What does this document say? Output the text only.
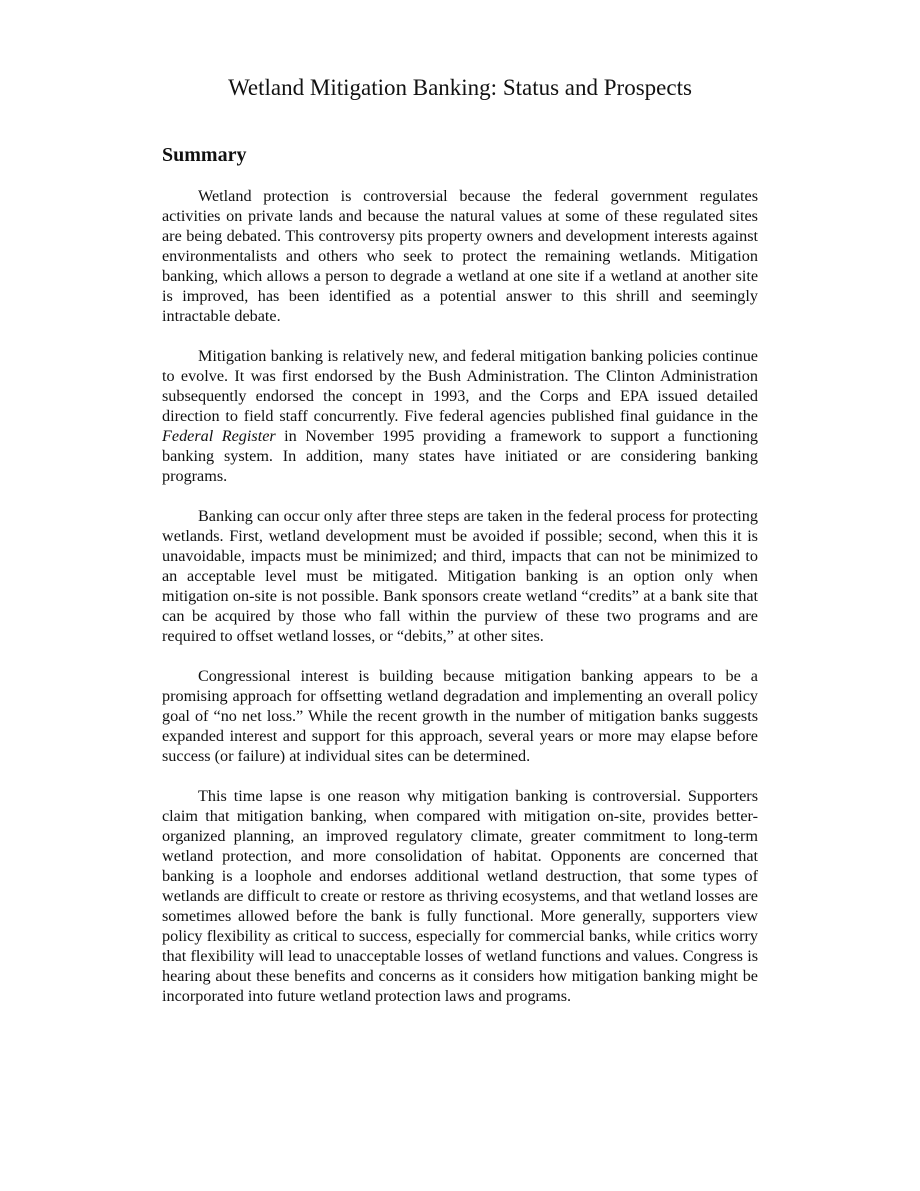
Wetland Mitigation Banking: Status and Prospects
Summary

Wetland protection is controversial because the federal government regulates activities on private lands and because the natural values at some of these regulated sites are being debated. This controversy pits property owners and development interests against environmentalists and others who seek to protect the remaining wetlands. Mitigation banking, which allows a person to degrade a wetland at one site if a wetland at another site is improved, has been identified as a potential answer to this shrill and seemingly intractable debate.

Mitigation banking is relatively new, and federal mitigation banking policies continue to evolve. It was first endorsed by the Bush Administration. The Clinton Administration subsequently endorsed the concept in 1993, and the Corps and EPA issued detailed direction to field staff concurrently. Five federal agencies published final guidance in the Federal Register in November 1995 providing a framework to support a functioning banking system. In addition, many states have initiated or are considering banking programs.

Banking can occur only after three steps are taken in the federal process for protecting wetlands. First, wetland development must be avoided if possible; second, when this it is unavoidable, impacts must be minimized; and third, impacts that can not be minimized to an acceptable level must be mitigated. Mitigation banking is an option only when mitigation on-site is not possible. Bank sponsors create wetland “credits” at a bank site that can be acquired by those who fall within the purview of these two programs and are required to offset wetland losses, or “debits,” at other sites.

Congressional interest is building because mitigation banking appears to be a promising approach for offsetting wetland degradation and implementing an overall policy goal of “no net loss.” While the recent growth in the number of mitigation banks suggests expanded interest and support for this approach, several years or more may elapse before success (or failure) at individual sites can be determined.

This time lapse is one reason why mitigation banking is controversial. Supporters claim that mitigation banking, when compared with mitigation on-site, provides better-organized planning, an improved regulatory climate, greater commitment to long-term wetland protection, and more consolidation of habitat. Opponents are concerned that banking is a loophole and endorses additional wetland destruction, that some types of wetlands are difficult to create or restore as thriving ecosystems, and that wetland losses are sometimes allowed before the bank is fully functional. More generally, supporters view policy flexibility as critical to success, especially for commercial banks, while critics worry that flexibility will lead to unacceptable losses of wetland functions and values. Congress is hearing about these benefits and concerns as it considers how mitigation banking might be incorporated into future wetland protection laws and programs.
